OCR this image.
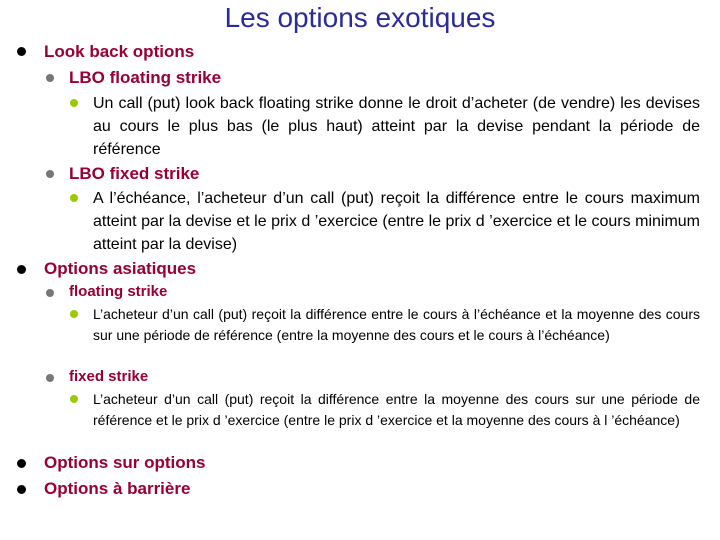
Les options exotiques
Look back options
LBO floating strike
Un call (put) look back floating strike donne le droit d’acheter (de vendre) les devises au cours le plus bas (le plus haut) atteint par la devise pendant la période de référence
LBO fixed strike
A l’échéance, l’acheteur d’un call (put) reçoit la différence entre le cours maximum atteint par la devise et le prix d ’exercice (entre le prix d ’exercice et le cours minimum atteint par la devise)
Options asiatiques
floating strike
L’acheteur d’un call (put) reçoit la différence entre le cours à l’échéance et la moyenne des cours sur une période de référence (entre la moyenne des cours et le cours à l’échéance)
fixed strike
L’acheteur d’un call (put) reçoit la différence entre la moyenne des cours sur une période de référence et le prix d ’exercice (entre le prix d ’exercice et la moyenne des cours à l ’échéance)
Options sur options
Options à barrière
